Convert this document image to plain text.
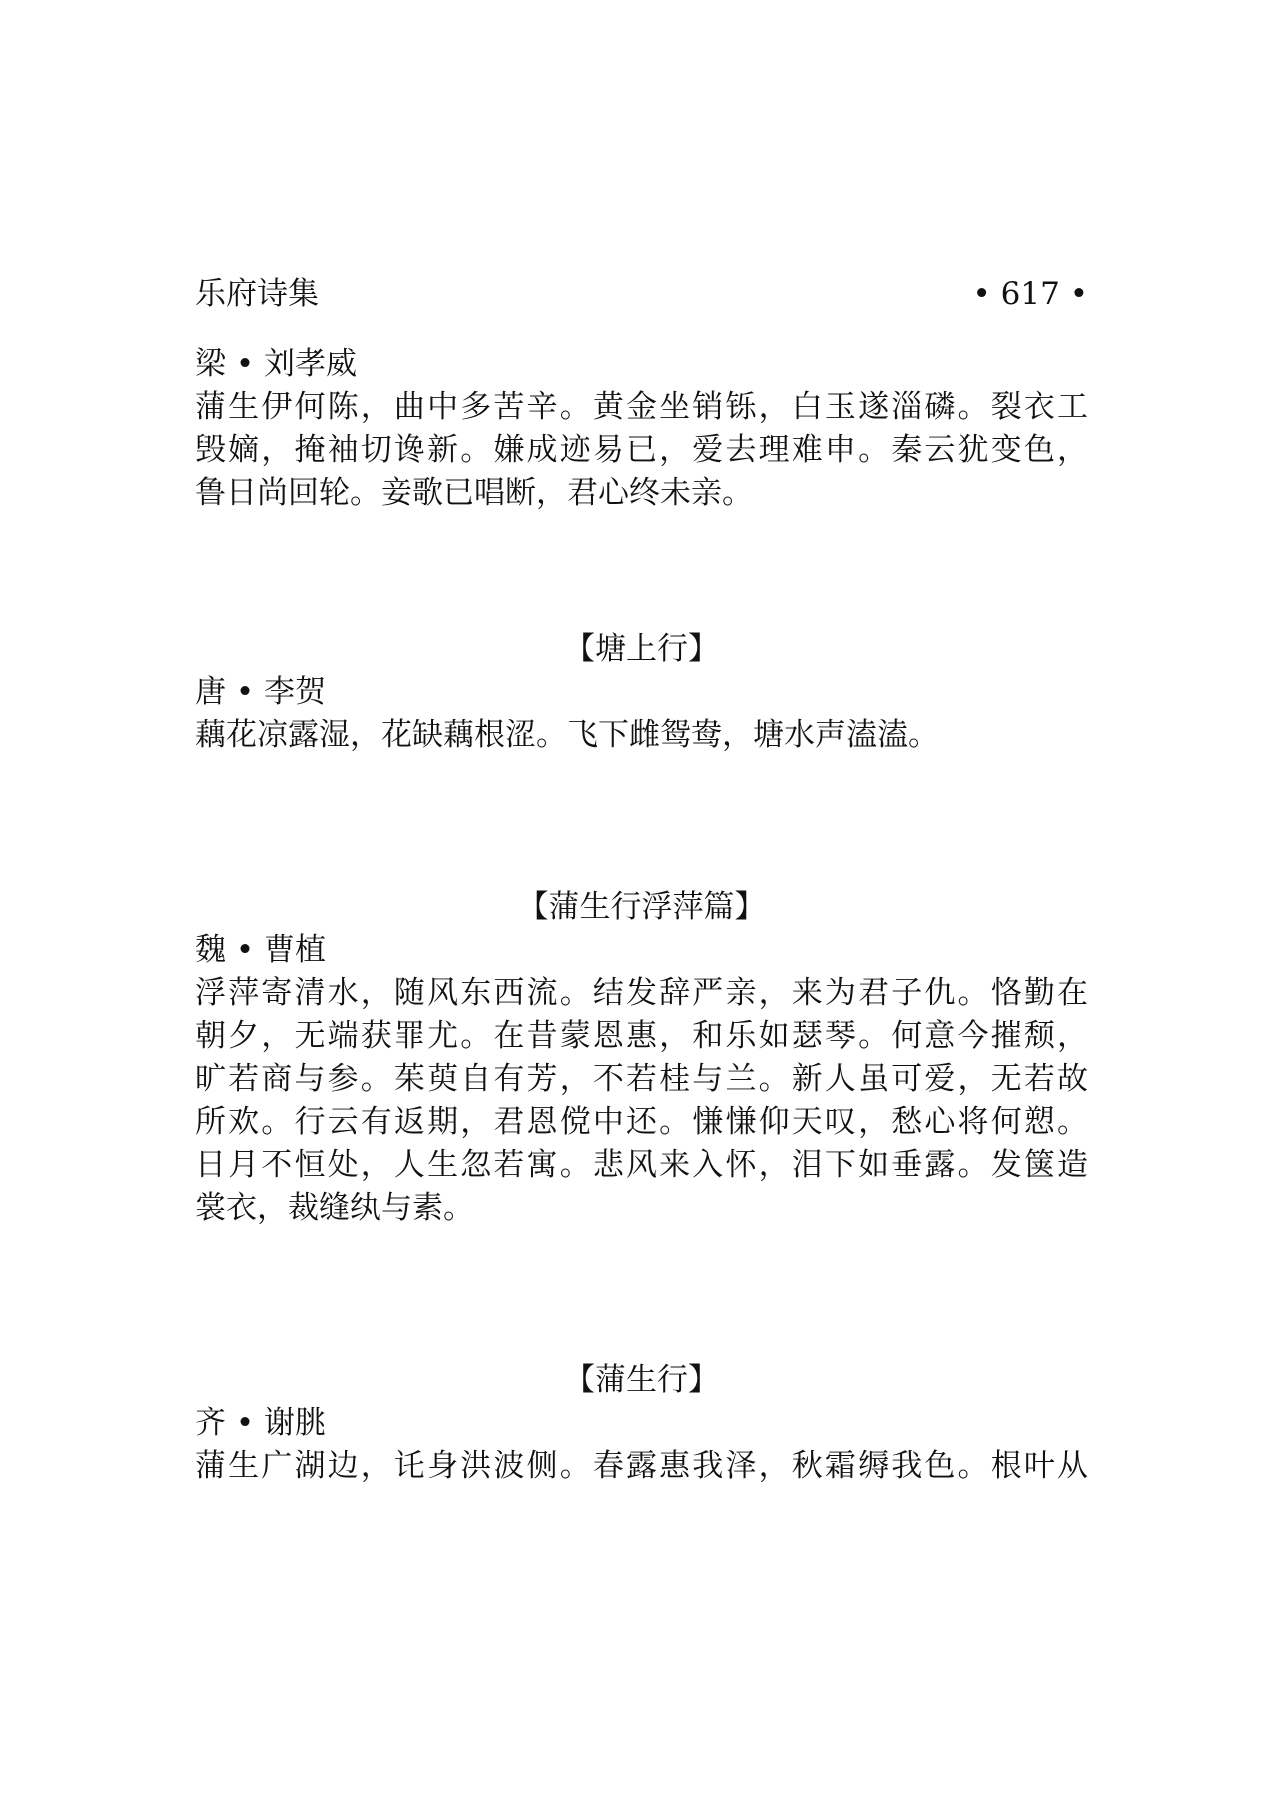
乐府诗集	• 617 •
梁 • 刘孝威
蒲生伊何陈，曲中多苦辛。黄金坐销铄，白玉遂淄磷。裂衣工
毁嫡，掩袖切谗新。嫌成迹易已，爱去理难申。秦云犹变色，
鲁日尚回轮。妾歌已唱断，君心终未亲。
【塘上行】
唐 • 李贺
藕花凉露湿，花缺藕根涩。飞下雌鸳鸯，塘水声溘溘。
【蒲生行浮萍篇】
魏 • 曹植
浮萍寄清水，随风东西流。结发辞严亲，来为君子仇。恪勤在
朝夕，无端获罪尤。在昔蒙恩惠，和乐如瑟琴。何意今摧颓，
旷若商与参。茱萸自有芳，不若桂与兰。新人虽可爱，无若故
所欢。行云有返期，君恩傥中还。慊慊仰天叹，愁心将何愬。
日月不恒处，人生忽若寓。悲风来入怀，泪下如垂露。发箧造
裳衣，裁缝纨与素。
【蒲生行】
齐 • 谢朓
蒲生广湖边，讬身洪波侧。春露惠我泽，秋霜缛我色。根叶从
